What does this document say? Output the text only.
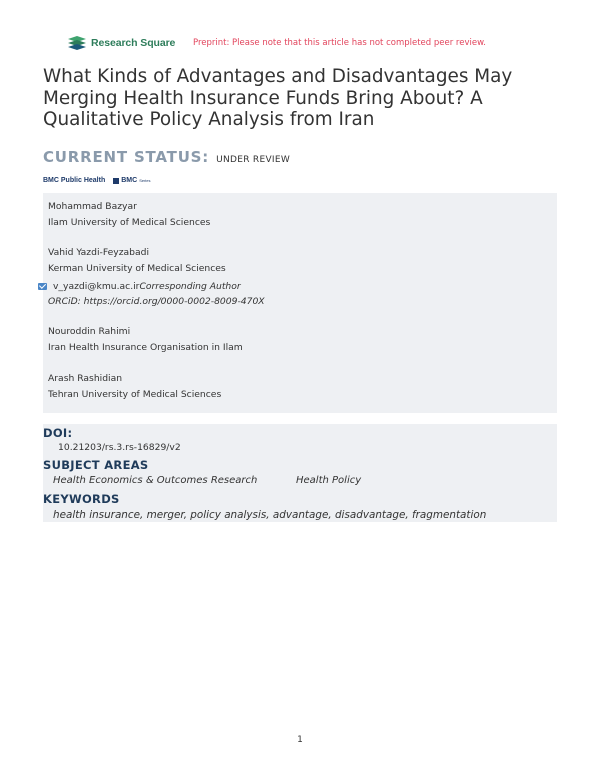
Research Square Preprint: Please note that this article has not completed peer review.
What Kinds of Advantages and Disadvantages May Merging Health Insurance Funds Bring About? A Qualitative Policy Analysis from Iran
CURRENT STATUS: UNDER REVIEW
BMC Public Health BMC Series
Mohammad Bazyar
Ilam University of Medical Sciences
Vahid Yazdi-Feyzabadi
Kerman University of Medical Sciences
v_yazdi@kmu.ac.ir Corresponding Author
ORCiD: https://orcid.org/0000-0002-8009-470X
Nouroddin Rahimi
Iran Health Insurance Organisation in Ilam
Arash Rashidian
Tehran University of Medical Sciences
DOI:
10.21203/rs.3.rs-16829/v2
SUBJECT AREAS
Health Economics & Outcomes Research	Health Policy
KEYWORDS
health insurance, merger, policy analysis, advantage, disadvantage, fragmentation
1
